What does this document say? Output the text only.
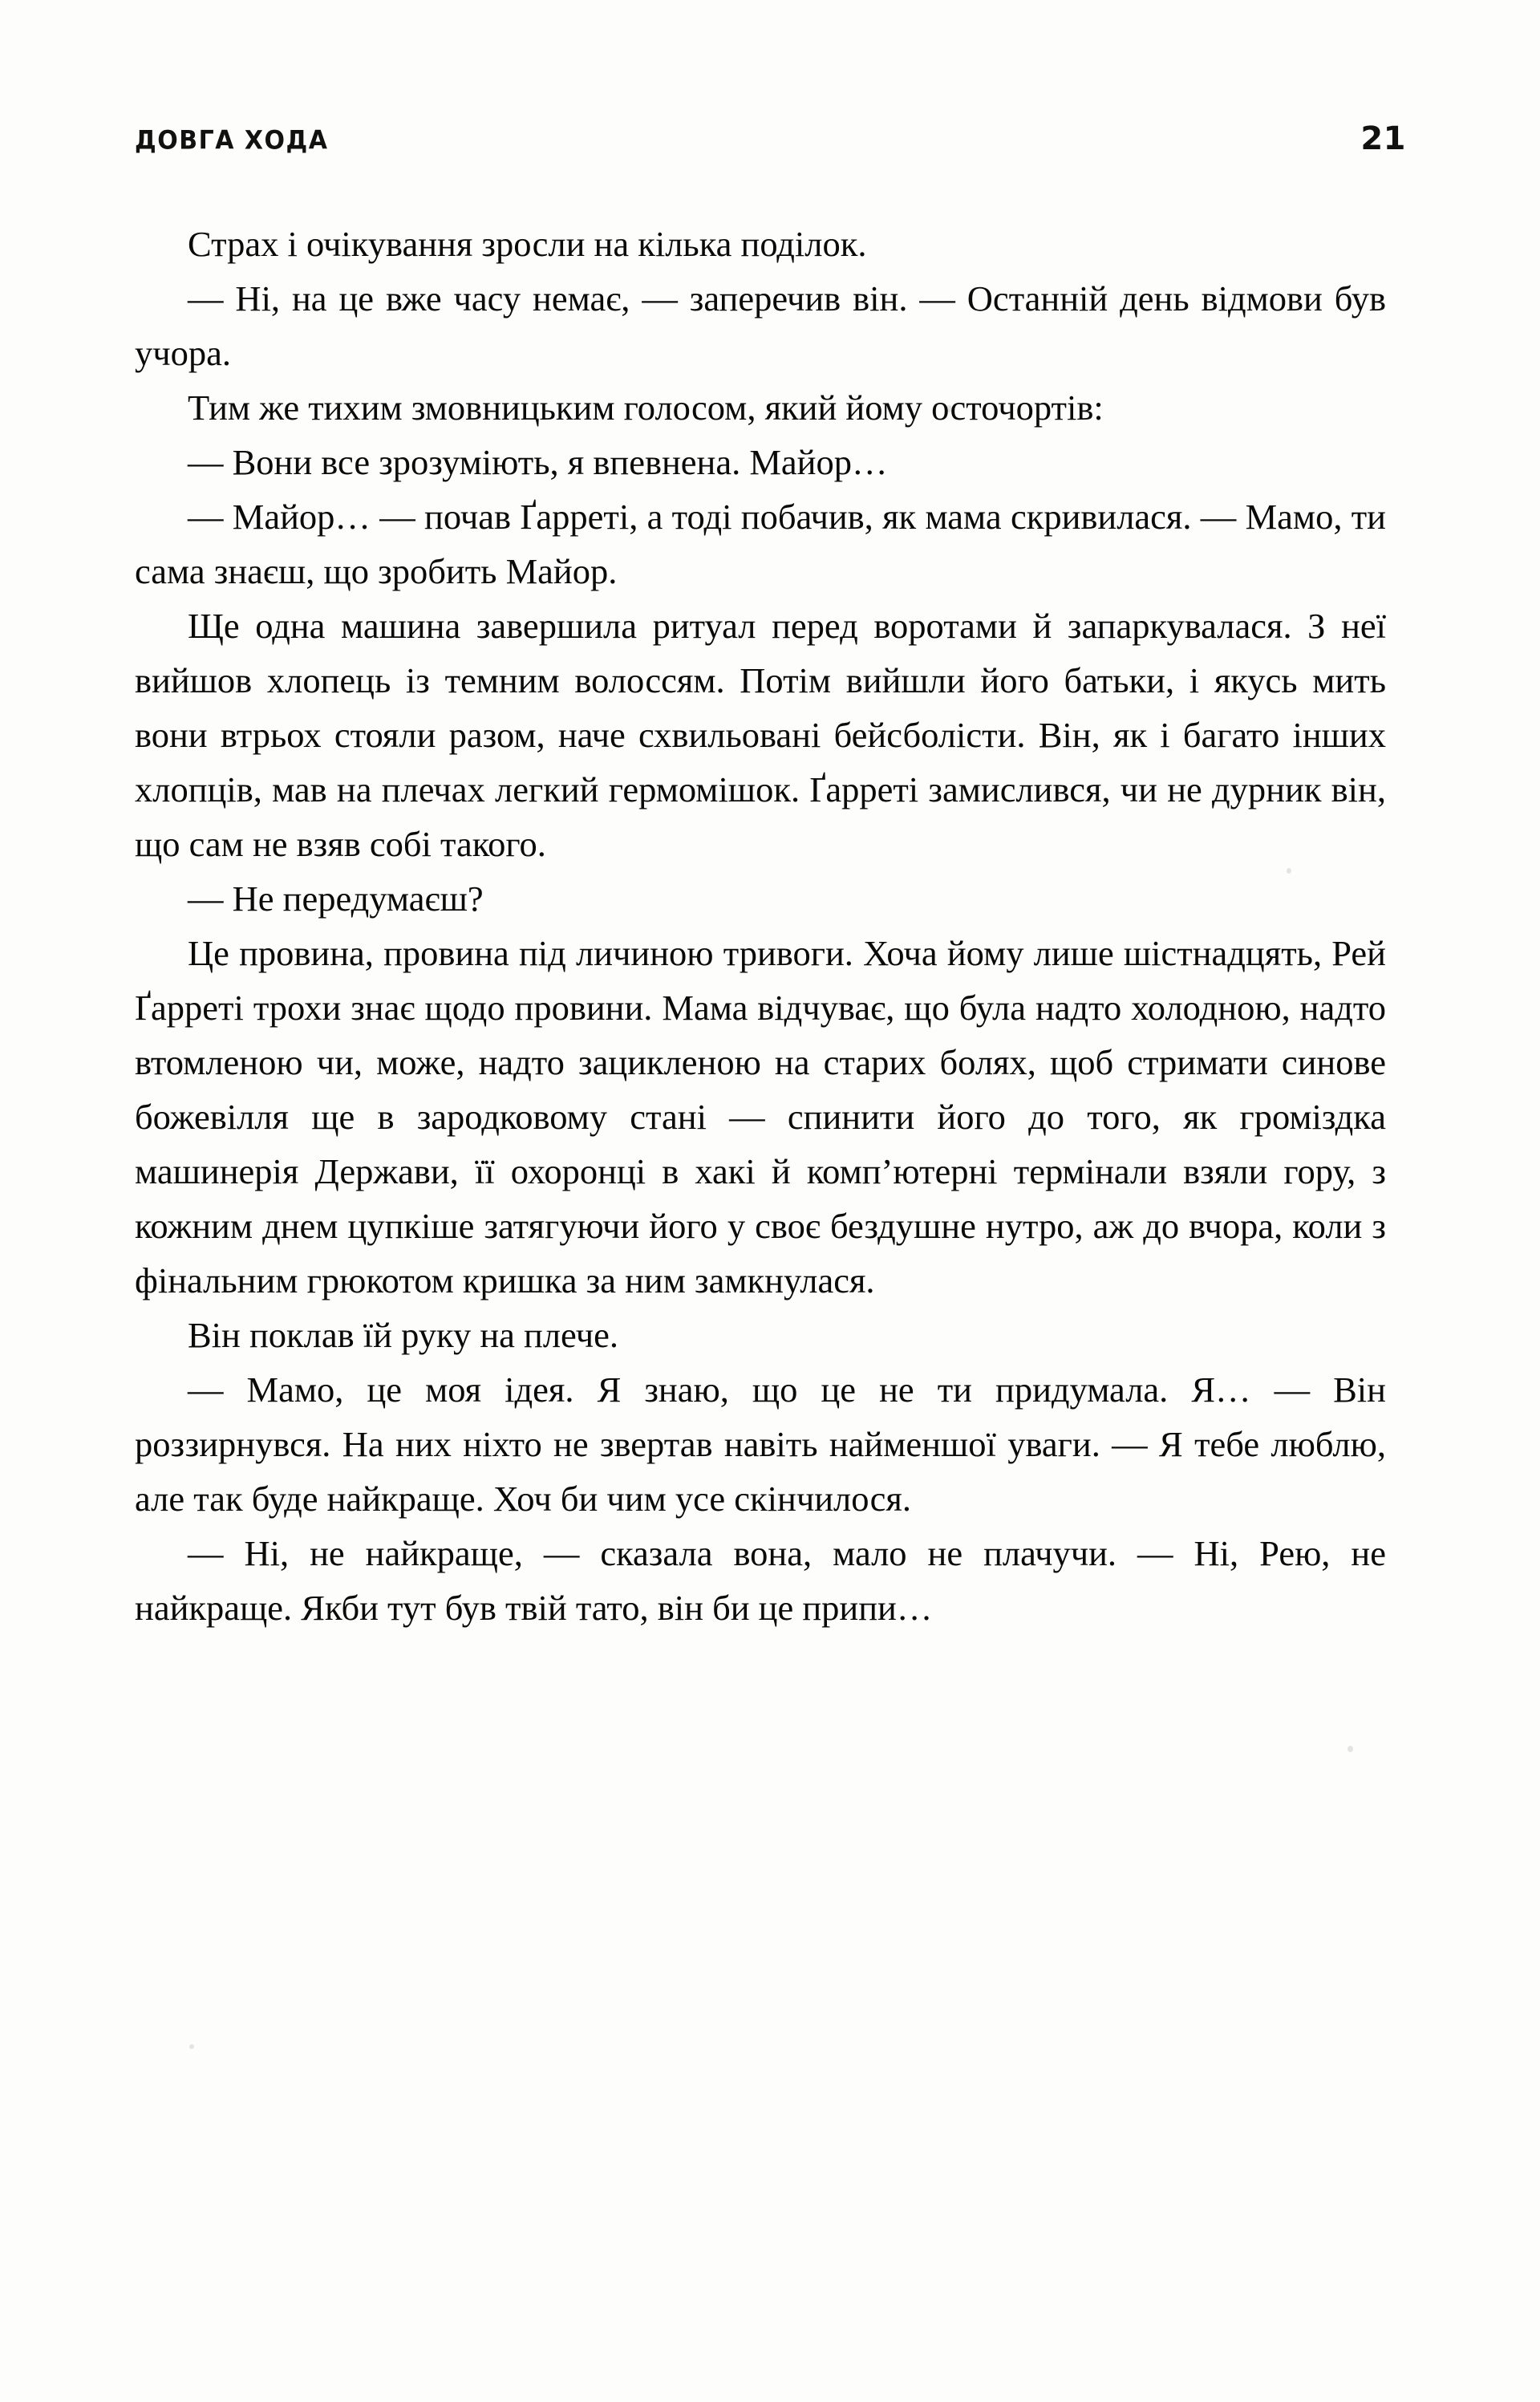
ДОВГА ХОДА	21

Страх і очікування зросли на кілька поділок.

— Ні, на це вже часу немає, — заперечив він. — Останній день відмови був учора.

Тим же тихим змовницьким голосом, який йому осточортів:

— Вони все зрозуміють, я впевнена. Майор…

— Майор… — почав Ґарреті, а тоді побачив, як мама скривилася. — Мамо, ти сама знаєш, що зробить Майор.

Ще одна машина завершила ритуал перед воротами й запаркувалася. З неї вийшов хлопець із темним волоссям. Потім вийшли його батьки, і якусь мить вони втрьох стояли разом, наче схвильовані бейсболісти. Він, як і багато інших хлопців, мав на плечах легкий гермомішок. Ґарреті замислився, чи не дурник він, що сам не взяв собі такого.

— Не передумаєш?

Це провина, провина під личиною тривоги. Хоча йому лише шістнадцять, Рей Ґарреті трохи знає щодо провини. Мама відчуває, що була надто холодною, надто втомленою чи, може, надто зацикленою на старих болях, щоб стримати синове божевілля ще в зародковому стані — спинити його до того, як громіздка машинерія Держави, її охоронці в хакі й комп’ютерні термінали взяли гору, з кожним днем цупкіше затягуючи його у своє бездушне нутро, аж до вчора, коли з фінальним грюкотом кришка за ним замкнулася.

Він поклав їй руку на плече.

— Мамо, це моя ідея. Я знаю, що це не ти придумала. Я… — Він роззирнувся. На них ніхто не звертав навіть найменшої уваги. — Я тебе люблю, але так буде найкраще. Хоч би чим усе скінчилося.

— Ні, не найкраще, — сказала вона, мало не плачучи. — Ні, Рею, не найкраще. Якби тут був твій тато, він би це припи…
